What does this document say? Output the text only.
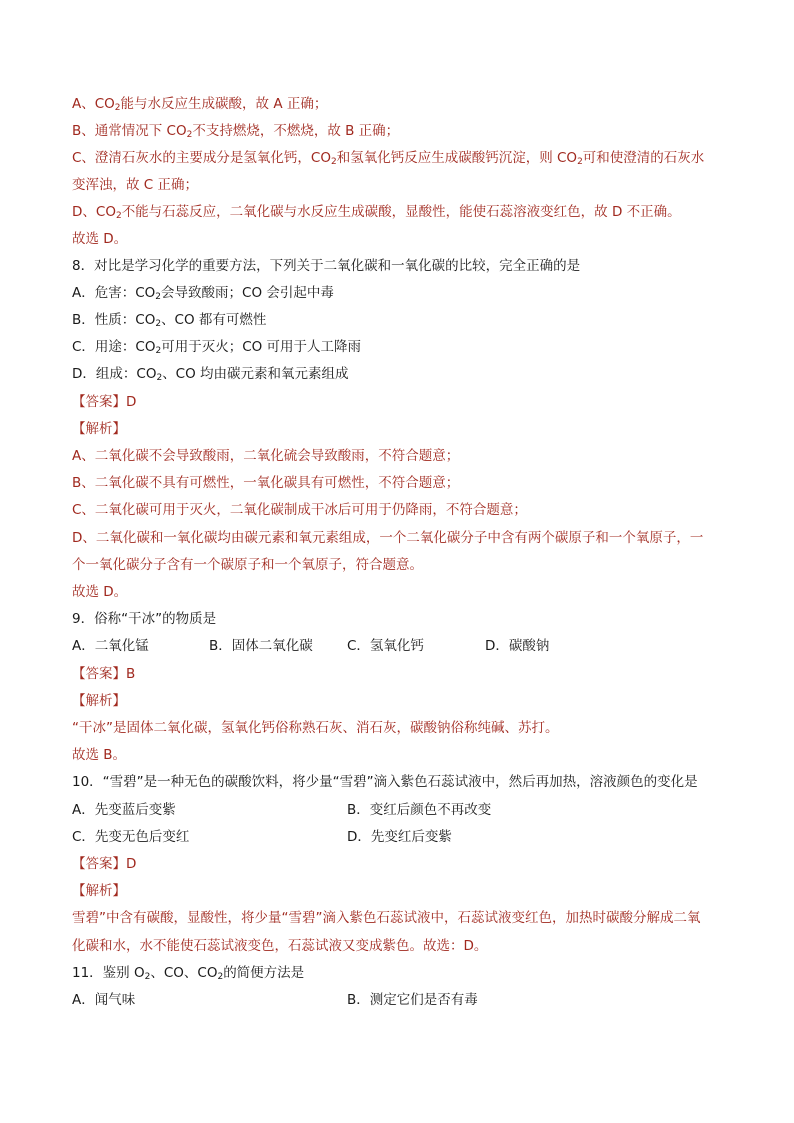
A、$CO_2$能与水反应生成碳酸，故 A 正确；
B、通常情况下 $CO_2$不支持燃烧，不燃烧，故 B 正确；
C、澄清石灰水的主要成分是氢氧化钙，$CO_2$和氢氧化钙反应生成碳酸钙沉淀，则 $CO_2$可和使澄清的石灰水
变浑浊，故 C 正确；
D、$CO_2$不能与石蕊反应，二氧化碳与水反应生成碳酸，显酸性，能使石蕊溶液变红色，故 D 不正确。
故选 D。
8．对比是学习化学的重要方法，下列关于二氧化碳和一氧化碳的比较，完全正确的是
A．危害：$CO_2$会导致酸雨；CO 会引起中毒
B．性质：$CO_2$、CO 都有可燃性
C．用途：$CO_2$可用于灭火；CO 可用于人工降雨
D．组成：$CO_2$、CO 均由碳元素和氧元素组成
【答案】D
【解析】
A、二氧化碳不会导致酸雨，二氧化硫会导致酸雨，不符合题意；
B、二氧化碳不具有可燃性，一氧化碳具有可燃性，不符合题意；
C、二氧化碳可用于灭火，二氧化碳制成干冰后可用于仍降雨，不符合题意；
D、二氧化碳和一氧化碳均由碳元素和氧元素组成，一个二氧化碳分子中含有两个碳原子和一个氧原子，一
个一氧化碳分子含有一个碳原子和一个氧原子，符合题意。
故选 D。
9．俗称“干冰”的物质是
A．二氧化锰	B．固体二氧化碳	C．氢氧化钙	D．碳酸钠
【答案】B
【解析】
“干冰”是固体二氧化碳，氢氧化钙俗称熟石灰、消石灰，碳酸钠俗称纯碱、苏打。
故选 B。
10．“雪碧”是一种无色的碳酸饮料，将少量“雪碧”滴入紫色石蕊试液中，然后再加热，溶液颜色的变化是
A．先变蓝后变紫	B．变红后颜色不再改变
C．先变无色后变红	D．先变红后变紫
【答案】D
【解析】
雪碧”中含有碳酸，显酸性，将少量“雪碧”滴入紫色石蕊试液中，石蕊试液变红色，加热时碳酸分解成二氧
化碳和水，水不能使石蕊试液变色，石蕊试液又变成紫色。故选：D。
11．鉴别 $O_2$、CO、$CO_2$的简便方法是
A．闻气味	B．测定它们是否有毒
